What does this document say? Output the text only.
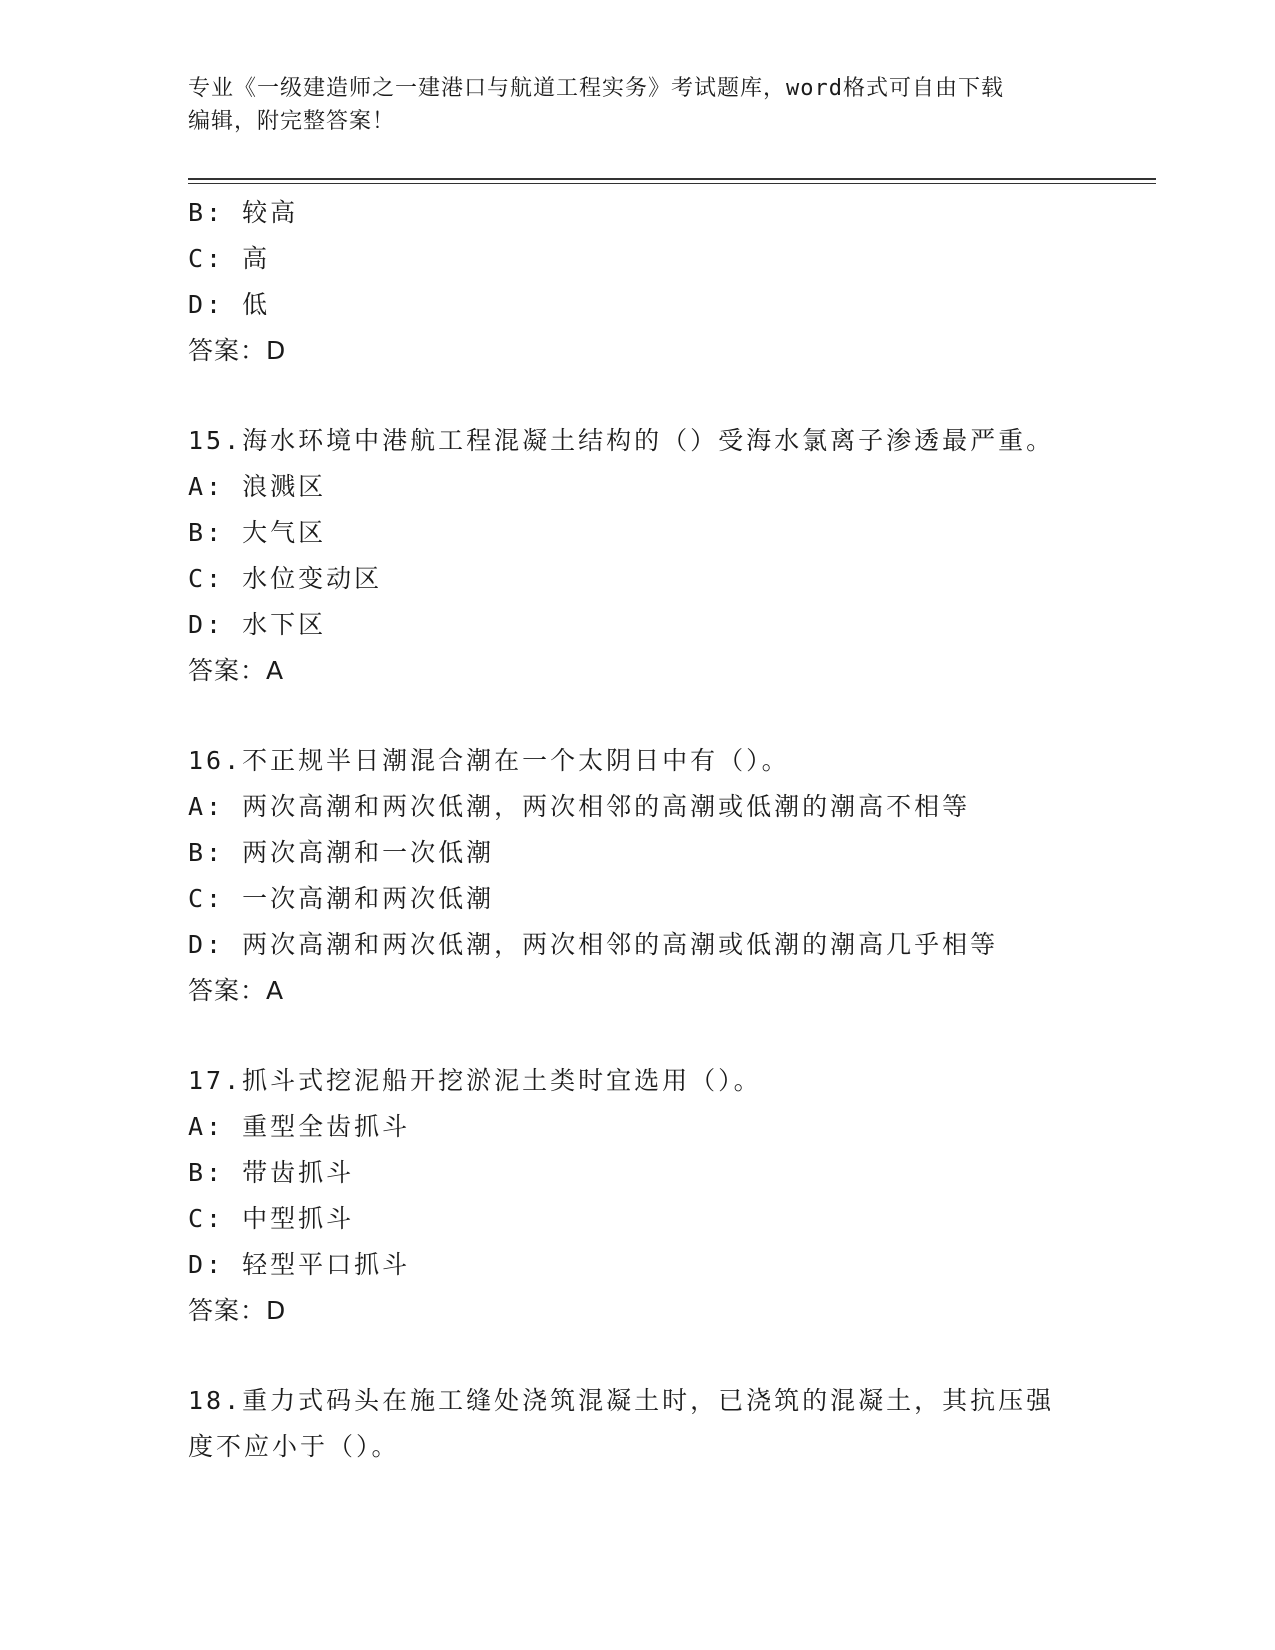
专业《一级建造师之一建港口与航道工程实务》考试题库，word格式可自由下载
编辑，附完整答案！
B: 较高
C: 高
D: 低
答案：D
15.海水环境中港航工程混凝土结构的（）受海水氯离子渗透最严重。
A: 浪溅区
B: 大气区
C: 水位变动区
D: 水下区
答案：A
16.不正规半日潮混合潮在一个太阴日中有（）。
A: 两次高潮和两次低潮，两次相邻的高潮或低潮的潮高不相等
B: 两次高潮和一次低潮
C: 一次高潮和两次低潮
D: 两次高潮和两次低潮，两次相邻的高潮或低潮的潮高几乎相等
答案：A
17.抓斗式挖泥船开挖淤泥土类时宜选用（）。
A: 重型全齿抓斗
B: 带齿抓斗
C: 中型抓斗
D: 轻型平口抓斗
答案：D
18.重力式码头在施工缝处浇筑混凝土时，已浇筑的混凝土，其抗压强
度不应小于（）。
